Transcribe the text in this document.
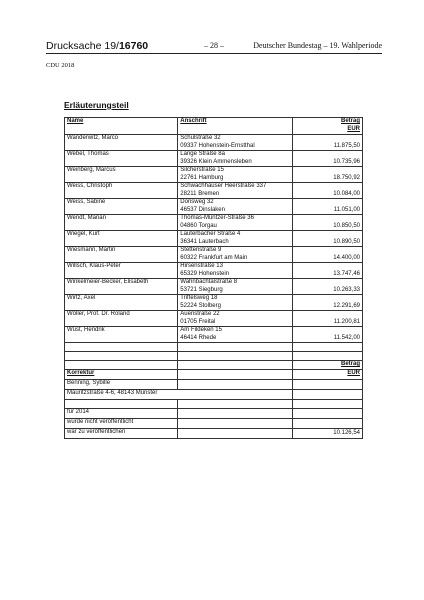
Drucksache 19/16760	– 28 –	Deutscher Bundestag – 19. Wahlperiode
CDU 2018
Erläuterungsteil
Name	Anschrift	Betrag
EUR

Wanderwitz, Marco	Schulstraße 32
09337 Hohenstein-Ernstthal	11.875,50
Webel, Thomas	Lange Straße 8a
39326 Klein Ammensleben	10.735,96
Weinberg, Marcus	Silcherstraße 15
22761 Hamburg	18.750,92
Weiss, Christoph	Schwachhauser Heerstraße 337
28211 Bremen	10.084,00
Weiss, Sabine	Dorisweg 32
46537 Dinslaken	11.051,00
Wendt, Marian	Thomas-Müntzer-Straße 36
04860 Torgau	10.850,50
Wiegel, Kurt	Lauterbacher Straße 4
36341 Lauterbach	10.890,50
Wiesmann, Martin	Stettenstraße 9
60322 Frankfurt am Main	14.400,00
Willsch, Klaus-Peter	Hirsenstraße 13
65329 Hohenstein	13.747,46
Winkelmeier-Becker, Elisabeth	Wahnbachtalstraße 8
53721 Siegburg	10.263,33
Wirtz, Axel	Triftelsweg 18
52224 Stolberg	12.291,69
Wöller, Prof. Dr. Roland	Auenstraße 22
01705 Freital	11.200,81
Wüst, Hendrik	Am Fildeken 15
46414 Rhede	11.542,00

		Betrag

Korrektur		EUR
Benning, Sybille		
Mauritzstraße 4-6, 48143 Münster		

für 2014		
wurde nicht veröffentlicht		
war zu veröffentlichen		10.126,54
